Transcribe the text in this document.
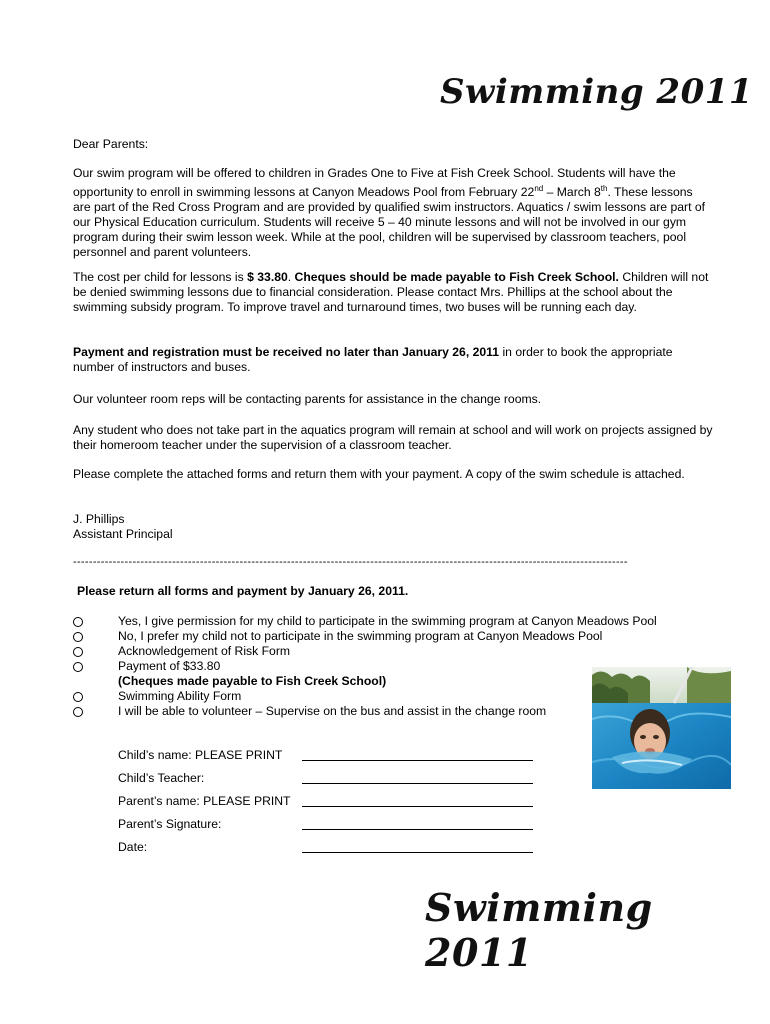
Swimming 2011
Dear Parents:
Our swim program will be offered to children in Grades One to Five at Fish Creek School. Students will have the opportunity to enroll in swimming lessons at Canyon Meadows Pool from February 22nd – March 8th. These lessons are part of the Red Cross Program and are provided by qualified swim instructors. Aquatics / swim lessons are part of our Physical Education curriculum. Students will receive 5 – 40 minute lessons and will not be involved in our gym program during their swim lesson week. While at the pool, children will be supervised by classroom teachers, pool personnel and parent volunteers.
The cost per child for lessons is $ 33.80. Cheques should be made payable to Fish Creek School. Children will not be denied swimming lessons due to financial consideration. Please contact Mrs. Phillips at the school about the swimming subsidy program. To improve travel and turnaround times, two buses will be running each day.
Payment and registration must be received no later than January 26, 2011 in order to book the appropriate number of instructors and buses.
Our volunteer room reps will be contacting parents for assistance in the change rooms.
Any student who does not take part in the aquatics program will remain at school and will work on projects assigned by their homeroom teacher under the supervision of a classroom teacher.
Please complete the attached forms and return them with your payment. A copy of the swim schedule is attached.
J. Phillips
Assistant Principal
--------------------------------------------------------------------------------------------------------------------------------------------
Please return all forms and payment by January 26, 2011.
Yes, I give permission for my child to participate in the swimming program at Canyon Meadows Pool
No, I prefer my child not to participate in the swimming program at Canyon Meadows Pool
Acknowledgement of Risk Form
Payment of $33.80
(Cheques made payable to Fish Creek School)
Swimming Ability Form
I will be able to volunteer – Supervise on the bus and assist in the change room
Child’s name: PLEASE PRINT
Child’s Teacher:
Parent’s name: PLEASE PRINT
Parent’s Signature:
Date:
Swimming 2011
